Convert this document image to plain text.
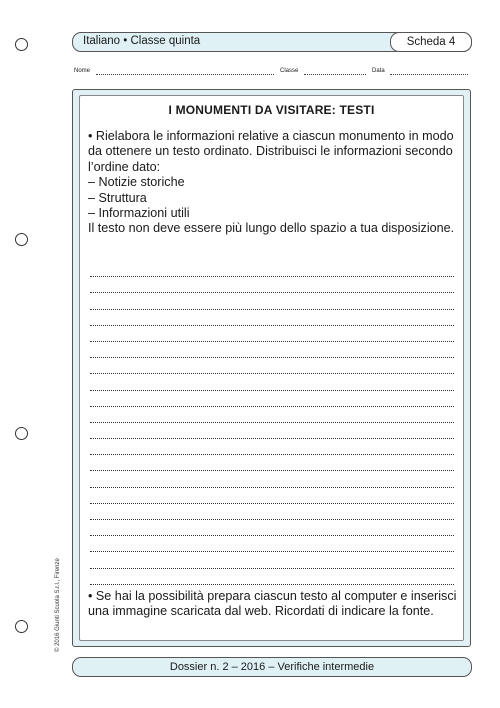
Italiano • Classe quinta	Scheda 4
Nome	Classe	Data
I MONUMENTI DA VISITARE: TESTI

• Rielabora le informazioni relative a ciascun monumento in modo da ottenere un testo ordinato. Distribuisci le informazioni secondo l’ordine dato:

– Notizie storiche

– Struttura

– Informazioni utili

Il testo non deve essere più lungo dello spazio a tua disposizione.

• Se hai la possibilità prepara ciascun testo al computer e inserisci una immagine scaricata dal web. Ricordati di indicare la fonte.
Dossier n. 2 – 2016 – Verifiche intermedie
© 2016 Giunti Scuola S.r.l., Firenze
